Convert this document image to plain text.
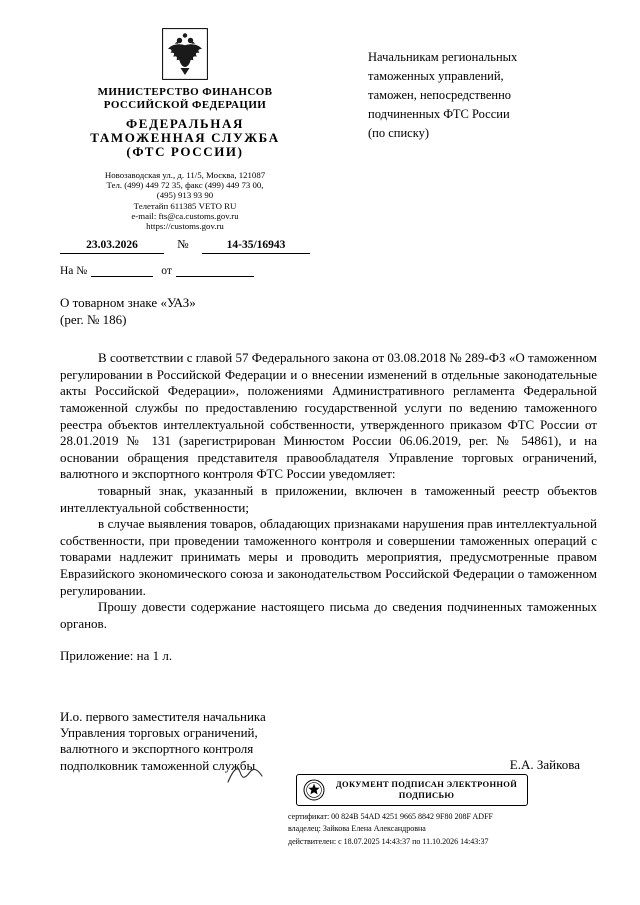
МИНИСТЕРСТВО ФИНАНСОВ
РОССИЙСКОЙ ФЕДЕРАЦИИ
ФЕДЕРАЛЬНАЯ
ТАМОЖЕННАЯ СЛУЖБА
(ФТС РОССИИ)
Новозаводская ул., д. 11/5, Москва, 121087
Тел. (499) 449 72 35, факс (499) 449 73 00,
(495) 913 93 90
Телетайп 611385 VETO RU
e-mail: fts@ca.customs.gov.ru
https://customs.gov.ru
23.03.2026	№	14-35/16943
На №	от
Начальникам региональных
таможенных управлений,
таможен, непосредственно
подчиненных ФТС России
(по списку)
О товарном знаке «УАЗ»
(рег. № 186)

В соответствии с главой 57 Федерального закона от 03.08.2018 № 289-ФЗ «О таможенном регулировании в Российской Федерации и о внесении изменений в отдельные законодательные акты Российской Федерации», положениями Административного регламента Федеральной таможенной службы по предоставлению государственной услуги по ведению таможенного реестра объектов интеллектуальной собственности, утвержденного приказом ФТС России от 28.01.2019 № 131 (зарегистрирован Минюстом России 06.06.2019, рег. № 54861), и на основании обращения представителя правообладателя Управление торговых ограничений, валютного и экспортного контроля ФТС России уведомляет:

товарный знак, указанный в приложении, включен в таможенный реестр объектов интеллектуальной собственности;

в случае выявления товаров, обладающих признаками нарушения прав интеллектуальной собственности, при проведении таможенного контроля и совершении таможенных операций с товарами надлежит принимать меры и проводить мероприятия, предусмотренные правом Евразийского экономического союза и законодательством Российской Федерации о таможенном регулировании.

Прошу довести содержание настоящего письма до сведения подчиненных таможенных органов.

Приложение: на 1 л.
И.о. первого заместителя начальника
Управления торговых ограничений,
валютного и экспортного контроля
подполковник таможенной службы	Е.А. Зайкова
ДОКУМЕНТ ПОДПИСАН ЭЛЕКТРОННОЙ ПОДПИСЬЮ
сертификат: 00 824B 54AD 4251 9665 8842 9F80 208F ADFF
владелец: Зайкова Елена Александровна
действителен: с 18.07.2025 14:43:37 по 11.10.2026 14:43:37
